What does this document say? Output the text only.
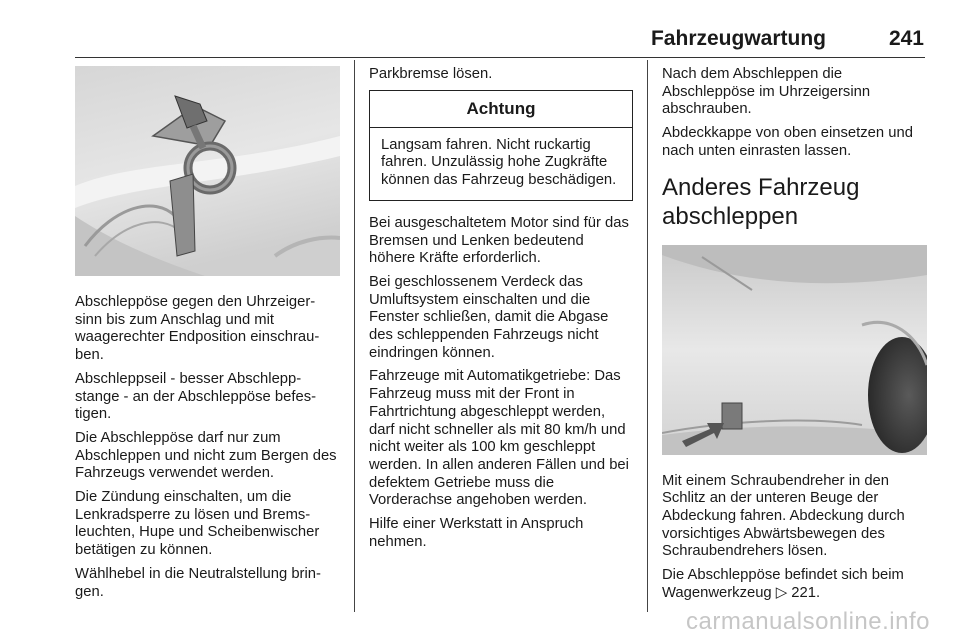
Fahrzeugwartung	241

Abschleppöse gegen den Uhrzeiger-sinn bis zum Anschlag und mit waagerechter Endposition einschrau-ben.

Abschleppseil - besser Abschlepp-stange - an der Abschleppöse befes-tigen.

Die Abschleppöse darf nur zum Abschleppen und nicht zum Bergen des Fahrzeugs verwendet werden.

Die Zündung einschalten, um die Lenkradsperre zu lösen und Brems-leuchten, Hupe und Scheibenwischer betätigen zu können.

Wählhebel in die Neutralstellung brin-gen.

Parkbremse lösen.

Achtung
Langsam fahren. Nicht ruckartig fahren. Unzulässig hohe Zugkräfte können das Fahrzeug beschädigen.

Bei ausgeschaltetem Motor sind für das Bremsen und Lenken bedeutend höhere Kräfte erforderlich.

Bei geschlossenem Verdeck das Umluftsystem einschalten und die Fenster schließen, damit die Abgase des schleppenden Fahrzeugs nicht eindringen können.

Fahrzeuge mit Automatikgetriebe: Das Fahrzeug muss mit der Front in Fahrtrichtung abgeschleppt werden, darf nicht schneller als mit 80 km/h und nicht weiter als 100 km geschleppt werden. In allen anderen Fällen und bei defektem Getriebe muss die Vorderachse angehoben werden.

Hilfe einer Werkstatt in Anspruch nehmen.

Nach dem Abschleppen die Abschleppöse im Uhrzeigersinn abschrauben.

Abdeckkappe von oben einsetzen und nach unten einrasten lassen.

Anderes Fahrzeug abschleppen

Mit einem Schraubendreher in den Schlitz an der unteren Beuge der Abdeckung fahren. Abdeckung durch vorsichtiges Abwärtsbewegen des Schraubendrehers lösen.

Die Abschleppöse befindet sich beim Wagenwerkzeug ▷ 221.

carmanualsonline.info
